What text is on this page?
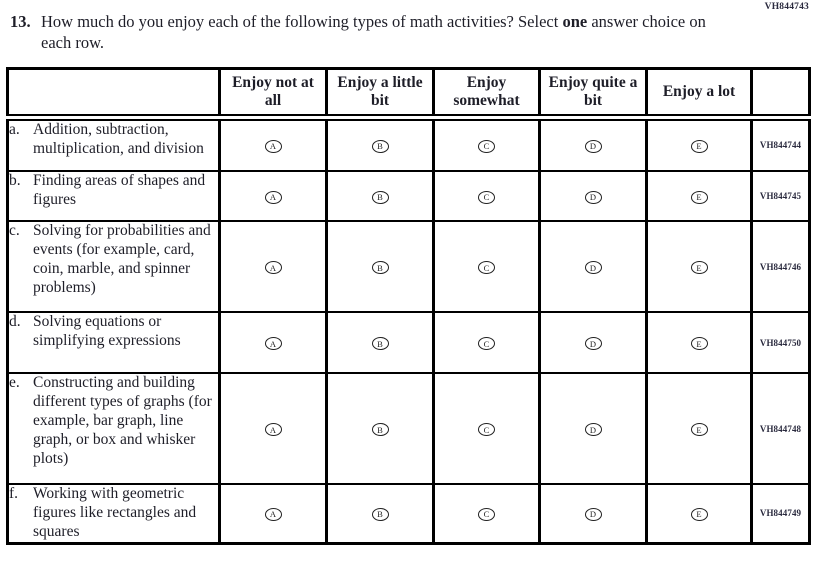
VH844743
13. How much do you enjoy each of the following types of math activities? Select one answer choice on each row.
	Enjoy not at all	Enjoy a little bit	Enjoy somewhat	Enjoy quite a bit	Enjoy a lot	

a. Addition, subtraction, multiplication, and division	A	B	C	D	E	VH844744

b. Finding areas of shapes and figures	A	B	C	D	E	VH844745

c. Solving for probabilities and events (for example, card, coin, marble, and spinner problems)	A	B	C	D	E	VH844746

d. Solving equations or simplifying expressions	A	B	C	D	E	VH844750

e. Constructing and building different types of graphs (for example, bar graph, line graph, or box and whisker plots)	A	B	C	D	E	VH844748

f. Working with geometric figures like rectangles and squares	A	B	C	D	E	VH844749
